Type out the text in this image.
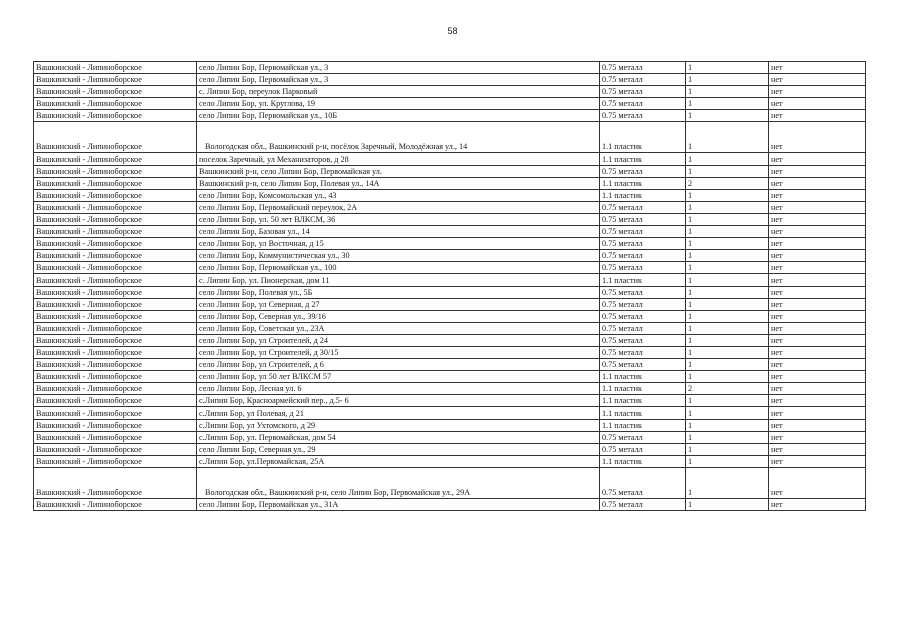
58
Вашкинский - Липиноборское	село Липин Бор, Первомайская ул., 3	0.75 металл	1	нет
Вашкинский - Липиноборское	село Липин Бор, Первомайская ул., 3	0.75 металл	1	нет
Вашкинский - Липиноборское	с. Липин Бор, переулок Парковый	0.75 металл	1	нет
Вашкинский - Липиноборское	село Липин Бор, ул. Круглова, 19	0.75 металл	1	нет
Вашкинский - Липиноборское	село Липин Бор, Первомайская ул., 10Б	0.75 металл	1	нет
Вашкинский - Липиноборское	Вологодская обл., Вашкинский р-н, посёлок Заречный, Молодёжная ул., 14	1.1 пластик	1	нет
Вашкинский - Липиноборское	поселок Заречный, ул Механизаторов, д 28	1.1 пластик	1	нет
Вашкинский - Липиноборское	Вашкинский р-н, село Липин Бор, Первомайская ул.	0.75 металл	1	нет
Вашкинский - Липиноборское	Вашкинский р-н, село Липин Бор, Полевая ул., 14А	1.1 пластик	2	нет
Вашкинский - Липиноборское	село Липин Бор, Комсомольская ул., 43	1.1 пластик	1	нет
Вашкинский - Липиноборское	село Липин Бор, Первомайский переулок, 2А	0.75 металл	1	нет
Вашкинский - Липиноборское	село Липин Бор, ул. 50 лет ВЛКСМ, 36	0.75 металл	1	нет
Вашкинский - Липиноборское	село Липин Бор, Базовая ул., 14	0.75 металл	1	нет
Вашкинский - Липиноборское	село Липин Бор, ул Восточная, д 15	0.75 металл	1	нет
Вашкинский - Липиноборское	село Липин Бор, Коммунистическая ул., 30	0.75 металл	1	нет
Вашкинский - Липиноборское	село Липин Бор, Первомайская ул., 100	0.75 металл	1	нет
Вашкинский - Липиноборское	с. Липин Бор, ул. Пионерская, дом 11	1.1 пластик	1	нет
Вашкинский - Липиноборское	село Липин Бор, Полевая ул., 5Б	0.75 металл	1	нет
Вашкинский - Липиноборское	село Липин Бор, ул Северная, д 27	0.75 металл	1	нет
Вашкинский - Липиноборское	село Липин Бор, Северная ул., 39/16	0.75 металл	1	нет
Вашкинский - Липиноборское	село Липин Бор, Советская ул., 23А	0.75 металл	1	нет
Вашкинский - Липиноборское	село Липин Бор, ул Строителей, д 24	0.75 металл	1	нет
Вашкинский - Липиноборское	село Липин Бор, ул Строителей, д 30/15	0.75 металл	1	нет
Вашкинский - Липиноборское	село Липин Бор, ул Строителей, д 6	0.75 металл	1	нет
Вашкинский - Липиноборское	село Липин Бор, ул 50 лет ВЛКСМ 57	1.1 пластик	1	нет
Вашкинский - Липиноборское	село Липин Бор, Лесная ул. 6	1.1 пластик	2	нет
Вашкинский - Липиноборское	с.Липин Бор, Красноармейский пер., д.5- 6	1.1 пластик	1	нет
Вашкинский - Липиноборское	с.Липин Бор, ул Полевая, д 21	1.1 пластик	1	нет
Вашкинский - Липиноборское	с.Липин Бор, ул Ухтомского, д 29	1.1 пластик	1	нет
Вашкинский - Липиноборское	с.Липин Бор, ул. Первомайская, дом 54	0.75 металл	1	нет
Вашкинский - Липиноборское	село Липин Бор, Северная ул., 29	0.75 металл	1	нет
Вашкинский - Липиноборское	с.Липин Бор, ул.Первомайская, 25А	1.1 пластик	1	нет
Вашкинский - Липиноборское	Вологодская обл., Вашкинский р-н, село Липин Бор, Первомайская ул., 29А	0.75 металл	1	нет
Вашкинский - Липиноборское	село Липин Бор, Первомайская ул., 31А	0.75 металл	1	нет
